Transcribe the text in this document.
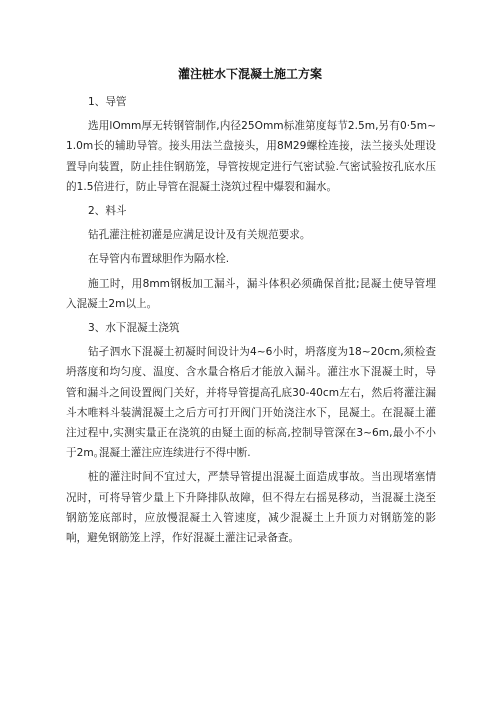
灌注桩水下混凝土施工方案
1、导管
选用lOmm厚无转钢管制作,内径25Omm标准第度每节2.5m,另有0·5m~1.0m长的辅助导管。接头用法兰盘接头，用8M29螺栓连接，法兰接头处理设置导向装置，防止挂住钢筋笼，导管按规定进行气密试验.气密试验按孔底水压的1.5倍进行，防止导管在混凝土浇筑过程中爆裂和漏水。
2、料斗
钻孔灌注桩初灌是应满足设计及有关规范要求。
在导管内布置球胆作为隔水栓.
施工时，用8mm钢板加工漏斗，漏斗体积必须确保首批;昆凝土使导管埋入混凝土2m以上。
3、水下混凝土浇筑
钻孑泗水下混凝土初凝时间设计为4~6小时，坍落度为18~20cm,须检查坍落度和均匀度、温度、含水量合格后才能放入漏斗。灌注水下混凝土时，导管和漏斗之间设置阀门关好，并将导管提高孔底30-40cm左右，然后将灌注漏斗木唯料斗装满混凝土之后方可打开阀门开始浇注水下，昆凝土。在混凝土灌注过程中,实测实量正在浇筑的由疑土面的标高,控制导管深在3~6m,最小不小于2m｡混凝土灌注应连续进行不得中断.
桩的灌注时间不宜过大，严禁导管提出混凝土面造成事故。当出现堵塞情况时，可将导管少量上下升降排队故障，但不得左右摇晃移动，当混凝土浇至钢筋笼底部时，应放慢混凝土入管速度，减少混凝土上升顶力对钢筋笼的影响，避免钢筋笼上浮，作好混凝土灌注记录备查。
